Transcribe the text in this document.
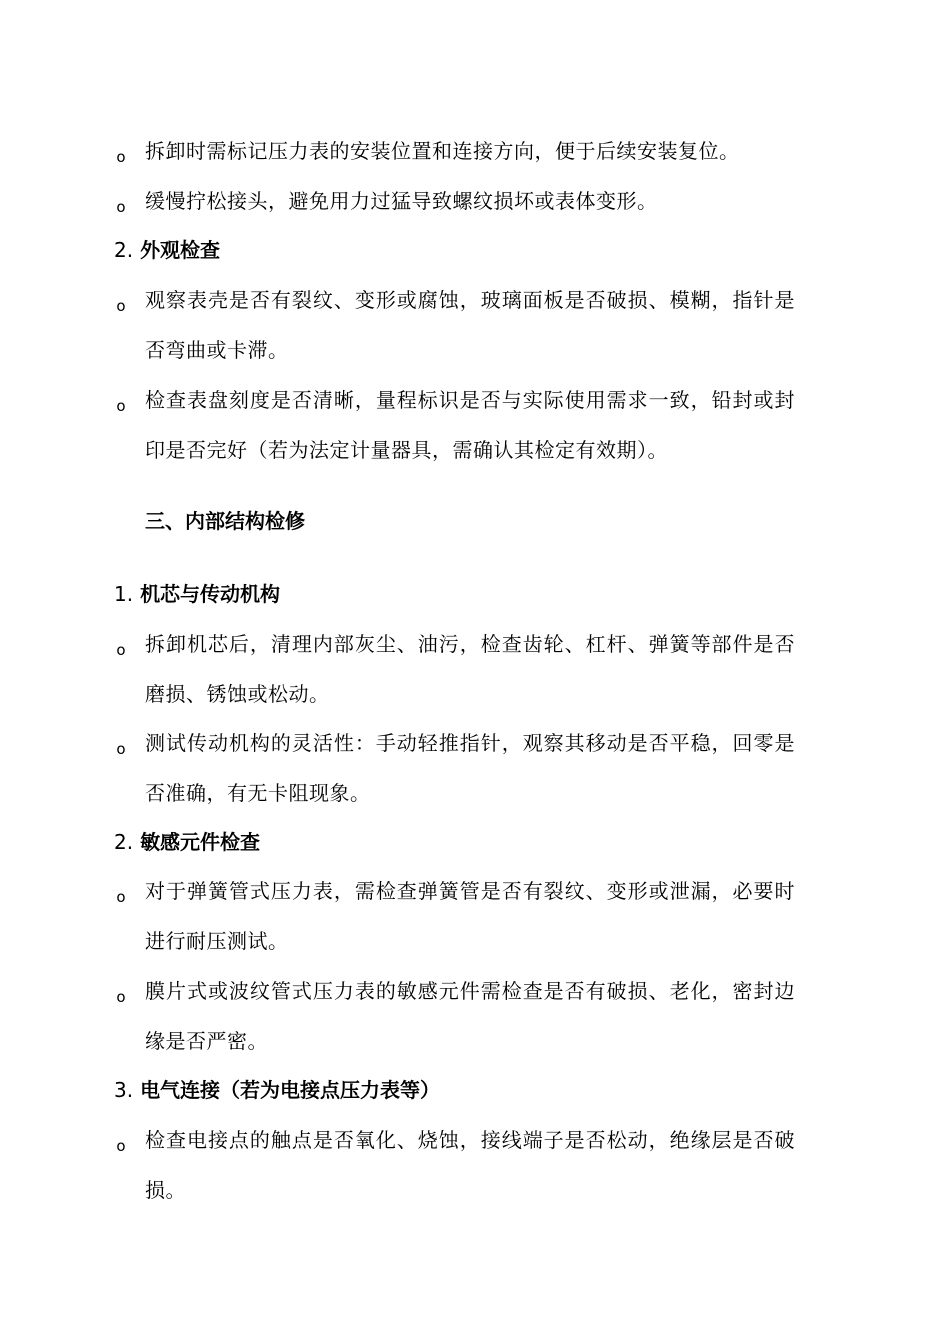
o 拆卸时需标记压力表的安装位置和连接方向，便于后续安装复位。
o 缓慢拧松接头，避免用力过猛导致螺纹损坏或表体变形。
2. 外观检查
o 观察表壳是否有裂纹、变形或腐蚀，玻璃面板是否破损、模糊，指针是否弯曲或卡滞。
o 检查表盘刻度是否清晰，量程标识是否与实际使用需求一致，铅封或封印是否完好（若为法定计量器具，需确认其检定有效期）。
三、内部结构检修
1. 机芯与传动机构
o 拆卸机芯后，清理内部灰尘、油污，检查齿轮、杠杆、弹簧等部件是否磨损、锈蚀或松动。
o 测试传动机构的灵活性：手动轻推指针，观察其移动是否平稳，回零是否准确，有无卡阻现象。
2. 敏感元件检查
o 对于弹簧管式压力表，需检查弹簧管是否有裂纹、变形或泄漏，必要时进行耐压测试。
o 膜片式或波纹管式压力表的敏感元件需检查是否有破损、老化，密封边缘是否严密。
3. 电气连接（若为电接点压力表等）
o 检查电接点的触点是否氧化、烧蚀，接线端子是否松动，绝缘层是否破损。
